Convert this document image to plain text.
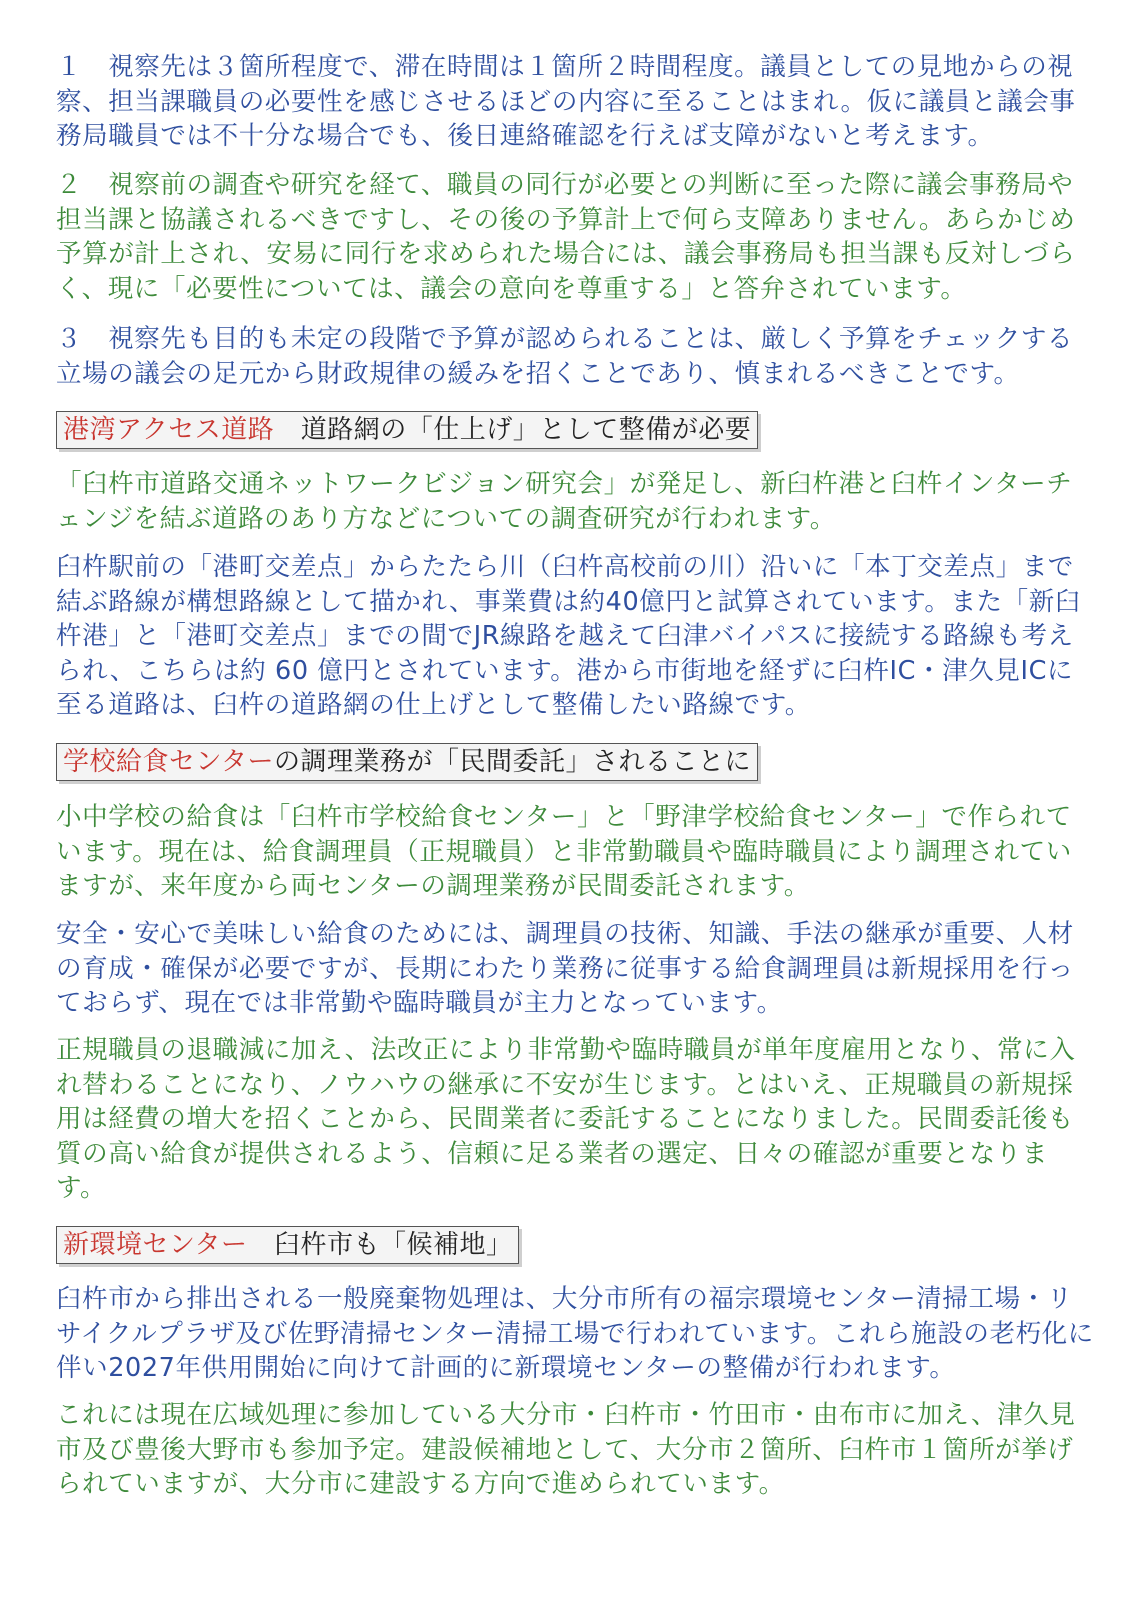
１　視察先は３箇所程度で、滞在時間は１箇所２時間程度。議員としての見地からの視察、担当課職員の必要性を感じさせるほどの内容に至ることはまれ。仮に議員と議会事務局職員では不十分な場合でも、後日連絡確認を行えば支障がないと考えます。

２　視察前の調査や研究を経て、職員の同行が必要との判断に至った際に議会事務局や担当課と協議されるべきですし、その後の予算計上で何ら支障ありません。あらかじめ予算が計上され、安易に同行を求められた場合には、議会事務局も担当課も反対しづらく、現に「必要性については、議会の意向を尊重する」と答弁されています。

３　視察先も目的も未定の段階で予算が認められることは、厳しく予算をチェックする立場の議会の足元から財政規律の緩みを招くことであり、慎まれるべきことです。

港湾アクセス道路　道路網の「仕上げ」として整備が必要

「臼杵市道路交通ネットワークビジョン研究会」が発足し、新臼杵港と臼杵インターチェンジを結ぶ道路のあり方などについての調査研究が行われます。

臼杵駅前の「港町交差点」からたたら川（臼杵高校前の川）沿いに「本丁交差点」まで結ぶ路線が構想路線として描かれ、事業費は約40億円と試算されています。また「新臼杵港」と「港町交差点」までの間でJR線路を越えて臼津バイパスに接続する路線も考えられ、こちらは約 60 億円とされています。港から市街地を経ずに臼杵IC・津久見ICに至る道路は、臼杵の道路網の仕上げとして整備したい路線です。

学校給食センターの調理業務が「民間委託」されることに

小中学校の給食は「臼杵市学校給食センター」と「野津学校給食センター」で作られています。現在は、給食調理員（正規職員）と非常勤職員や臨時職員により調理されていますが、来年度から両センターの調理業務が民間委託されます。

安全・安心で美味しい給食のためには、調理員の技術、知識、手法の継承が重要、人材の育成・確保が必要ですが、長期にわたり業務に従事する給食調理員は新規採用を行っておらず、現在では非常勤や臨時職員が主力となっています。

正規職員の退職減に加え、法改正により非常勤や臨時職員が単年度雇用となり、常に入れ替わることになり、ノウハウの継承に不安が生じます。とはいえ、正規職員の新規採用は経費の増大を招くことから、民間業者に委託することになりました。民間委託後も質の高い給食が提供されるよう、信頼に足る業者の選定、日々の確認が重要となります。

新環境センター　臼杵市も「候補地」

臼杵市から排出される一般廃棄物処理は、大分市所有の福宗環境センター清掃工場・リサイクルプラザ及び佐野清掃センター清掃工場で行われています。これら施設の老朽化に伴い2027年供用開始に向けて計画的に新環境センターの整備が行われます。

これには現在広域処理に参加している大分市・臼杵市・竹田市・由布市に加え、津久見市及び豊後大野市も参加予定。建設候補地として、大分市２箇所、臼杵市１箇所が挙げられていますが、大分市に建設する方向で進められています。
